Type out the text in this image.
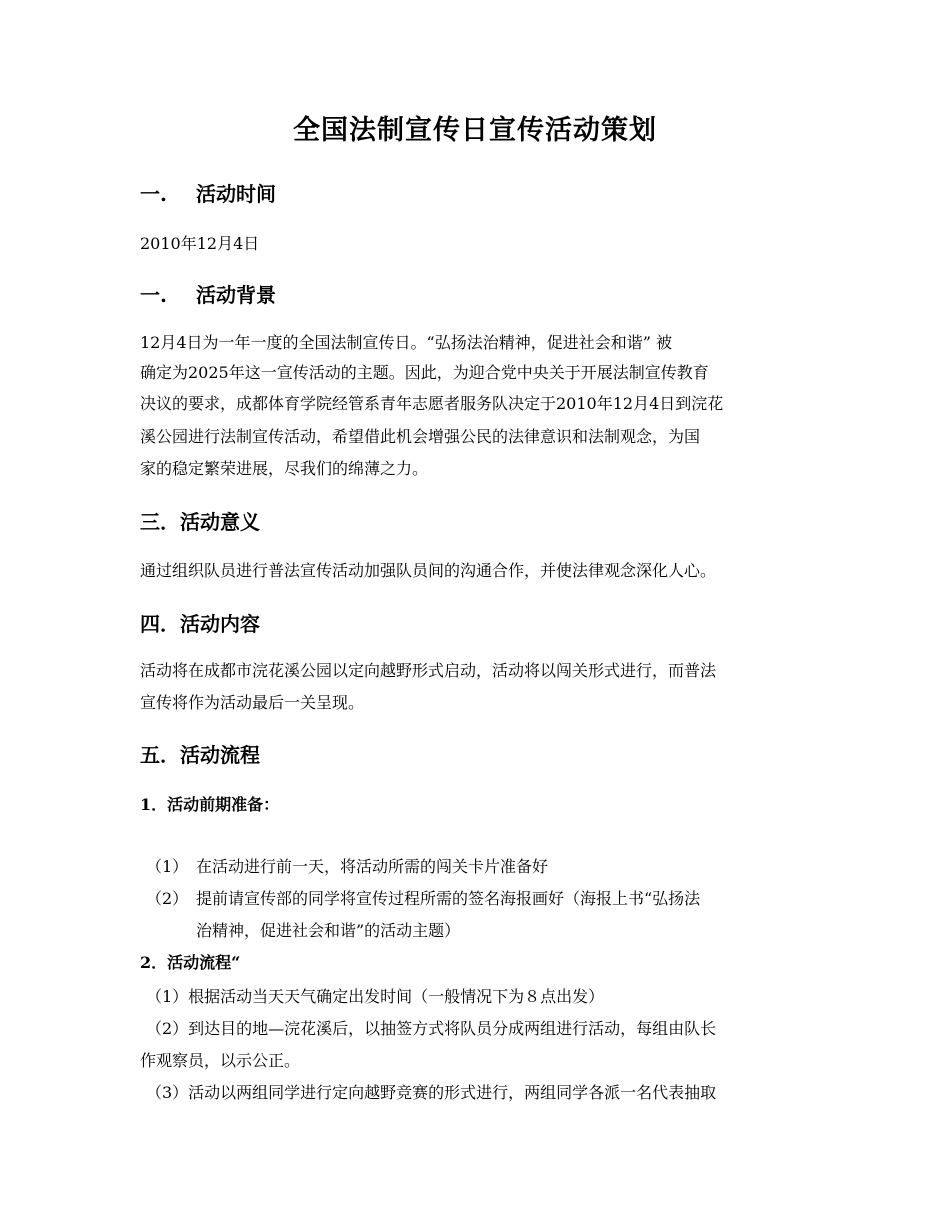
全国法制宣传日宣传活动策划
一. 活动时间
2010年12月4日
一. 活动背景
12月4日为一年一度的全国法制宣传日。“弘扬法治精神，促进社会和谐” 被
确定为2025年这一宣传活动的主题。因此，为迎合党中央关于开展法制宣传教育
决议的要求，成都体育学院经管系青年志愿者服务队决定于2010年12月4日到浣花
溪公园进行法制宣传活动，希望借此机会增强公民的法律意识和法制观念，为国
家的稳定繁荣进展，尽我们的绵薄之力。
三．活动意义
通过组织队员进行普法宣传活动加强队员间的沟通合作，并使法律观念深化人心。
四．活动内容
活动将在成都市浣花溪公园以定向越野形式启动，活动将以闯关形式进行，而普法
宣传将作为活动最后一关呈现。
五．活动流程
1．活动前期准备：
（1） 在活动进行前一天，将活动所需的闯关卡片准备好
（2） 提前请宣传部的同学将宣传过程所需的签名海报画好（海报上书“弘扬法
治精神，促进社会和谐”的活动主题）
2．活动流程“
（1）根据活动当天天气确定出发时间（一般情况下为８点出发）
（2）到达目的地—浣花溪后，以抽签方式将队员分成两组进行活动，每组由队长
作观察员，以示公正。
（3）活动以两组同学进行定向越野竞赛的形式进行，两组同学各派一名代表抽取
